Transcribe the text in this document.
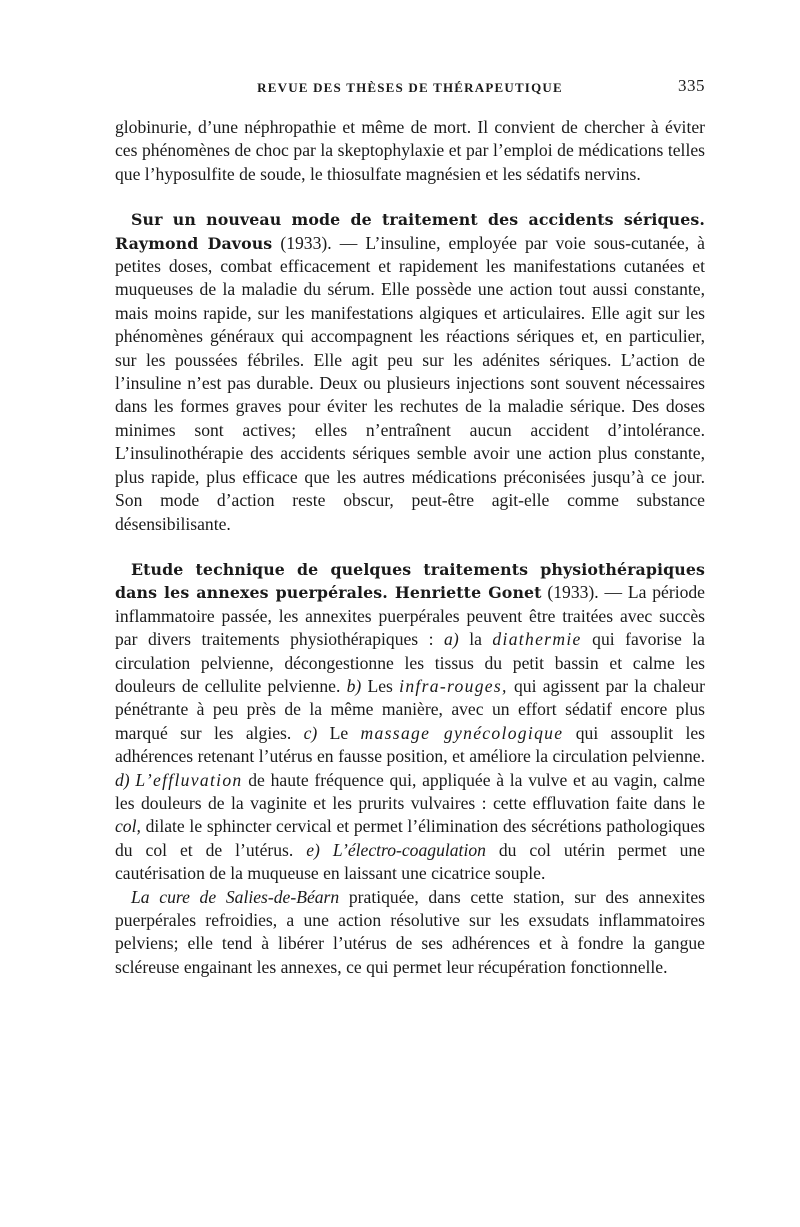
REVUE DES THÈSES DE THÉRAPEUTIQUE	335

globinurie, d’une néphropathie et même de mort. Il convient de chercher à éviter ces phénomènes de choc par la skeptophylaxie et par l’emploi de médications telles que l’hyposulfite de soude, le thiosulfate magnésien et les sédatifs nervins.

Sur un nouveau mode de traitement des accidents sériques. Raymond Davous (1933). — L’insuline, employée par voie sous-cutanée, à petites doses, combat efficacement et rapidement les manifestations cutanées et muqueuses de la maladie du sérum. Elle possède une action tout aussi constante, mais moins rapide, sur les manifestations algiques et articulaires. Elle agit sur les phénomènes généraux qui accompagnent les réactions sériques et, en particulier, sur les poussées fébriles. Elle agit peu sur les adénites sériques. L’action de l’insuline n’est pas durable. Deux ou plusieurs injections sont souvent nécessaires dans les formes graves pour éviter les rechutes de la maladie sérique. Des doses minimes sont actives; elles n’entraînent aucun accident d’intolérance. L’insulinothérapie des accidents sériques semble avoir une action plus constante, plus rapide, plus efficace que les autres médications préconisées jusqu’à ce jour. Son mode d’action reste obscur, peut-être agit-elle comme substance désensibilisante.

Etude technique de quelques traitements physiothérapiques dans les annexes puerpérales. Henriette Gonet (1933). — La période inflammatoire passée, les annexites puerpérales peuvent être traitées avec succès par divers traitements physiothérapiques : a) la diathermie qui favorise la circulation pelvienne, décongestionne les tissus du petit bassin et calme les douleurs de cellulite pelvienne. b) Les infra-rouges, qui agissent par la chaleur pénétrante à peu près de la même manière, avec un effort sédatif encore plus marqué sur les algies. c) Le massage gynécologique qui assouplit les adhérences retenant l’utérus en fausse position, et améliore la circulation pelvienne. d) L’effluvation de haute fréquence qui, appliquée à la vulve et au vagin, calme les douleurs de la vaginite et les prurits vulvaires : cette effluvation faite dans le col, dilate le sphincter cervical et permet l’élimination des sécrétions pathologiques du col et de l’utérus. e) L’électro-coagulation du col utérin permet une cautérisation de la muqueuse en laissant une cicatrice souple.

La cure de Salies-de-Béarn pratiquée, dans cette station, sur des annexites puerpérales refroidies, a une action résolutive sur les exsudats inflammatoires pelviens; elle tend à libérer l’utérus de ses adhérences et à fondre la gangue scléreuse engainant les annexes, ce qui permet leur récupération fonctionnelle.
